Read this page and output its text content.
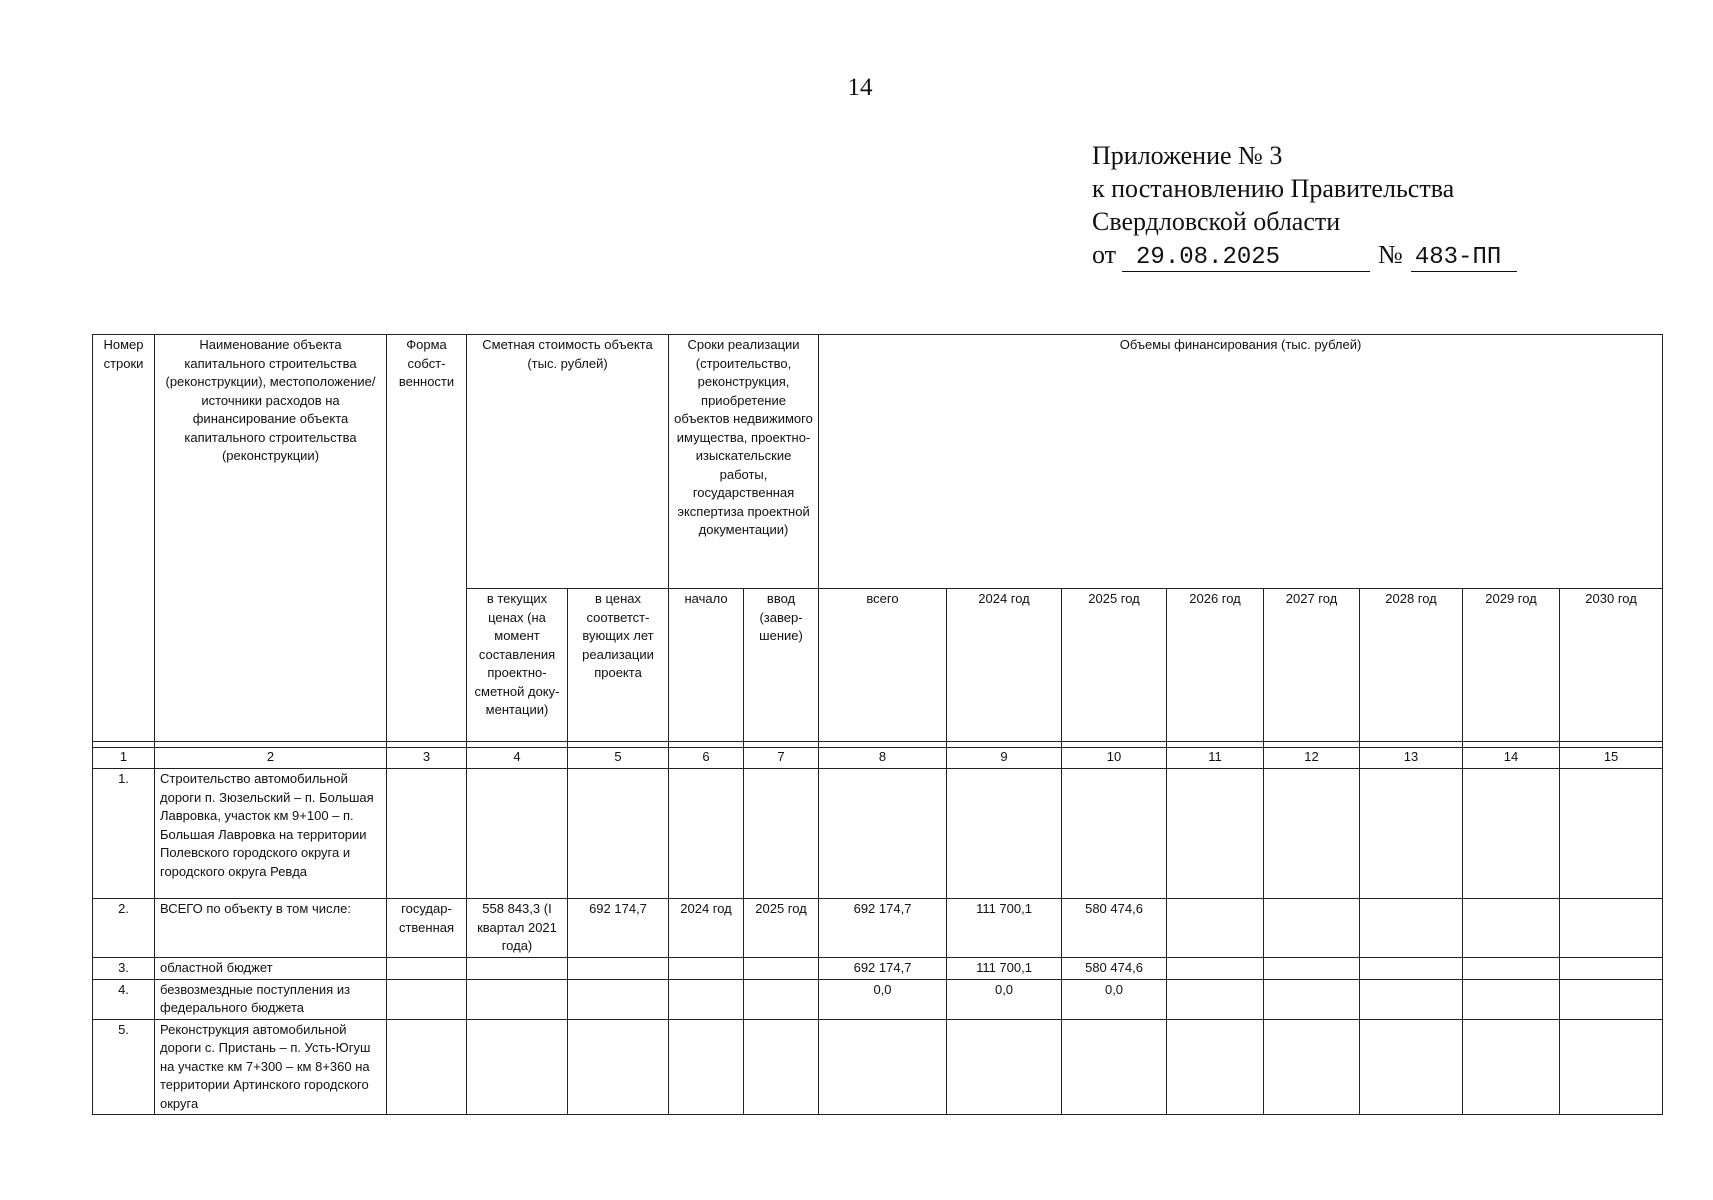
14
Приложение № 3
к постановлению Правительства
Свердловской области
от 29.08.2025	№ 483-ПП
Номер строки	Наименование объекта капитального строительства (реконструкции), местоположение/источники расходов на финансирование объекта капитального строительства (реконструкции)	Форма собст-венности	Сметная стоимость объекта (тыс. рублей)		Сроки реализации (строительство, реконструкция, приобретение объектов недвижимого имущества, проектно-изыскательские работы, государственная экспертиза проектной документации)		Объемы финансирования (тыс. рублей)							
			в текущих ценах (на момент составления проектно-сметной доку-ментации)	в ценах соответст-вующих лет реализации проекта	начало	ввод (завер-шение)	всего	2024 год	2025 год	2026 год	2027 год	2028 год	2029 год	2030 год

1	2	3	4	5	6	7	8	9	10	11	12	13	14	15
1.	Строительство автомобильной дороги п. Зюзельский – п. Большая Лавровка, участок км 9+100 – п. Большая Лавровка на территории Полевского городского округа и городского округа Ревда													
2.	ВСЕГО по объекту в том числе:	государ-ственная	558 843,3 (I квартал 2021 года)	692 174,7	2024 год	2025 год	692 174,7	111 700,1	580 474,6					
3.	областной бюджет						692 174,7	111 700,1	580 474,6					
4.	безвозмездные поступления из федерального бюджета						0,0	0,0	0,0					
5.	Реконструкция автомобильной дороги с. Пристань – п. Усть-Югуш на участке км 7+300 – км 8+360 на территории Артинского городского округа													
